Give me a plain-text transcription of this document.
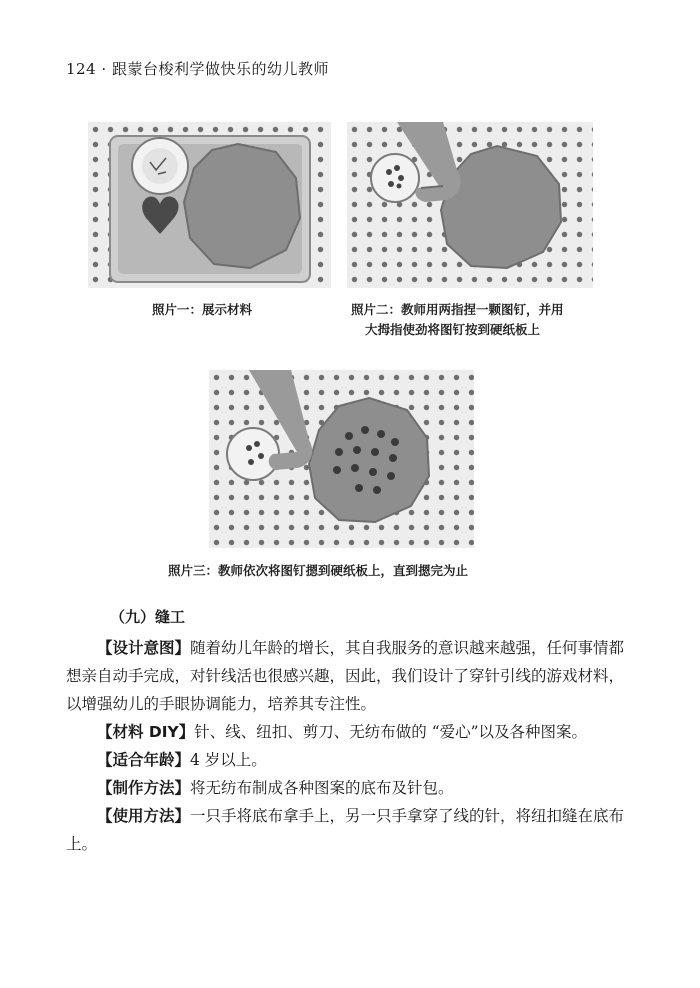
124 · 跟蒙台梭利学做快乐的幼儿教师
照片一：展示材料	照片二：教师用两指捏一颗图钉，并用
大拇指使劲将图钉按到硬纸板上
照片三：教师依次将图钉摁到硬纸板上，直到摁完为止
（九）缝工

【设计意图】随着幼儿年龄的增长，其自我服务的意识越来越强，任何事情都想亲自动手完成，对针线活也很感兴趣，因此，我们设计了穿针引线的游戏材料，以增强幼儿的手眼协调能力，培养其专注性。

【材料 DIY】针、线、纽扣、剪刀、无纺布做的 “爱心”以及各种图案。

【适合年龄】4 岁以上。

【制作方法】将无纺布制成各种图案的底布及针包。

【使用方法】一只手将底布拿手上，另一只手拿穿了线的针，将纽扣缝在底布上。
